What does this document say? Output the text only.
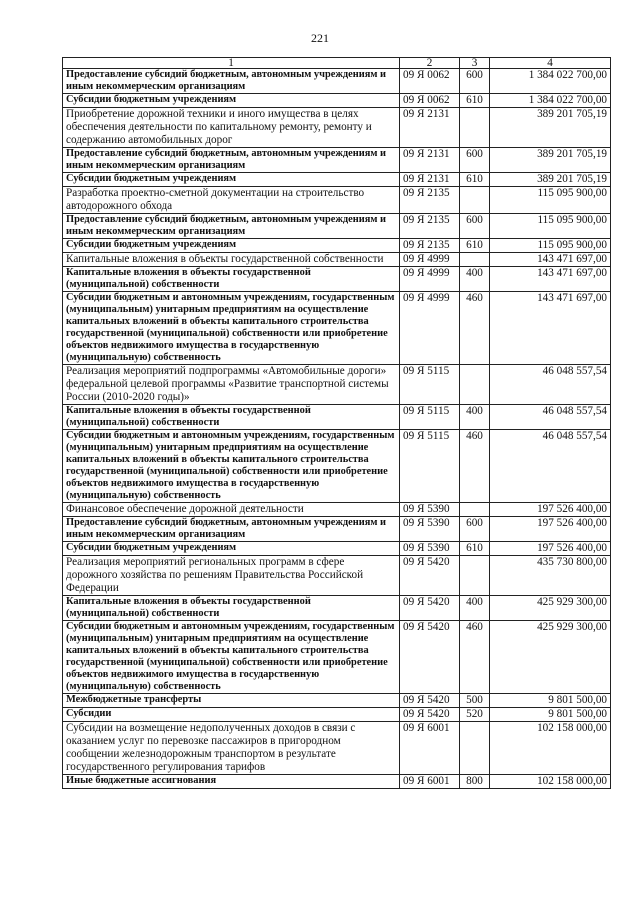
221
1	2	3	4
Предоставление субсидий бюджетным, автономным учреждениям и иным некоммерческим организациям	09 Я 0062	600	1 384 022 700,00
Субсидии бюджетным учреждениям	09 Я 0062	610	1 384 022 700,00
Приобретение дорожной техники и иного имущества в целях обеспечения деятельности по капитальному ремонту, ремонту и содержанию автомобильных дорог	09 Я 2131		389 201 705,19
Предоставление субсидий бюджетным, автономным учреждениям и иным некоммерческим организациям	09 Я 2131	600	389 201 705,19
Субсидии бюджетным учреждениям	09 Я 2131	610	389 201 705,19
Разработка проектно-сметной документации на строительство автодорожного обхода	09 Я 2135		115 095 900,00
Предоставление субсидий бюджетным, автономным учреждениям и иным некоммерческим организациям	09 Я 2135	600	115 095 900,00
Субсидии бюджетным учреждениям	09 Я 2135	610	115 095 900,00
Капитальные вложения в объекты государственной собственности	09 Я 4999		143 471 697,00
Капитальные вложения в объекты государственной (муниципальной) собственности	09 Я 4999	400	143 471 697,00
Субсидии бюджетным и автономным учреждениям, государственным (муниципальным) унитарным предприятиям на осуществление капитальных вложений в объекты капитального строительства государственной (муниципальной) собственности или приобретение объектов недвижимого имущества в государственную (муниципальную) собственность	09 Я 4999	460	143 471 697,00
Реализация мероприятий подпрограммы «Автомобильные дороги» федеральной целевой программы «Развитие транспортной системы России (2010-2020 годы)»	09 Я 5115		46 048 557,54
Капитальные вложения в объекты государственной (муниципальной) собственности	09 Я 5115	400	46 048 557,54
Субсидии бюджетным и автономным учреждениям, государственным (муниципальным) унитарным предприятиям на осуществление капитальных вложений в объекты капитального строительства государственной (муниципальной) собственности или приобретение объектов недвижимого имущества в государственную (муниципальную) собственность	09 Я 5115	460	46 048 557,54
Финансовое обеспечение дорожной деятельности	09 Я 5390		197 526 400,00
Предоставление субсидий бюджетным, автономным учреждениям и иным некоммерческим организациям	09 Я 5390	600	197 526 400,00
Субсидии бюджетным учреждениям	09 Я 5390	610	197 526 400,00
Реализация мероприятий региональных программ в сфере дорожного хозяйства по решениям Правительства Российской Федерации	09 Я 5420		435 730 800,00
Капитальные вложения в объекты государственной (муниципальной) собственности	09 Я 5420	400	425 929 300,00
Субсидии бюджетным и автономным учреждениям, государственным (муниципальным) унитарным предприятиям на осуществление капитальных вложений в объекты капитального строительства государственной (муниципальной) собственности или приобретение объектов недвижимого имущества в государственную (муниципальную) собственность	09 Я 5420	460	425 929 300,00
Межбюджетные трансферты	09 Я 5420	500	9 801 500,00
Субсидии	09 Я 5420	520	9 801 500,00
Субсидии на возмещение недополученных доходов в связи с оказанием услуг по перевозке пассажиров в пригородном сообщении железнодорожным транспортом в результате государственного регулирования тарифов	09 Я 6001		102 158 000,00
Иные бюджетные ассигнования	09 Я 6001	800	102 158 000,00
